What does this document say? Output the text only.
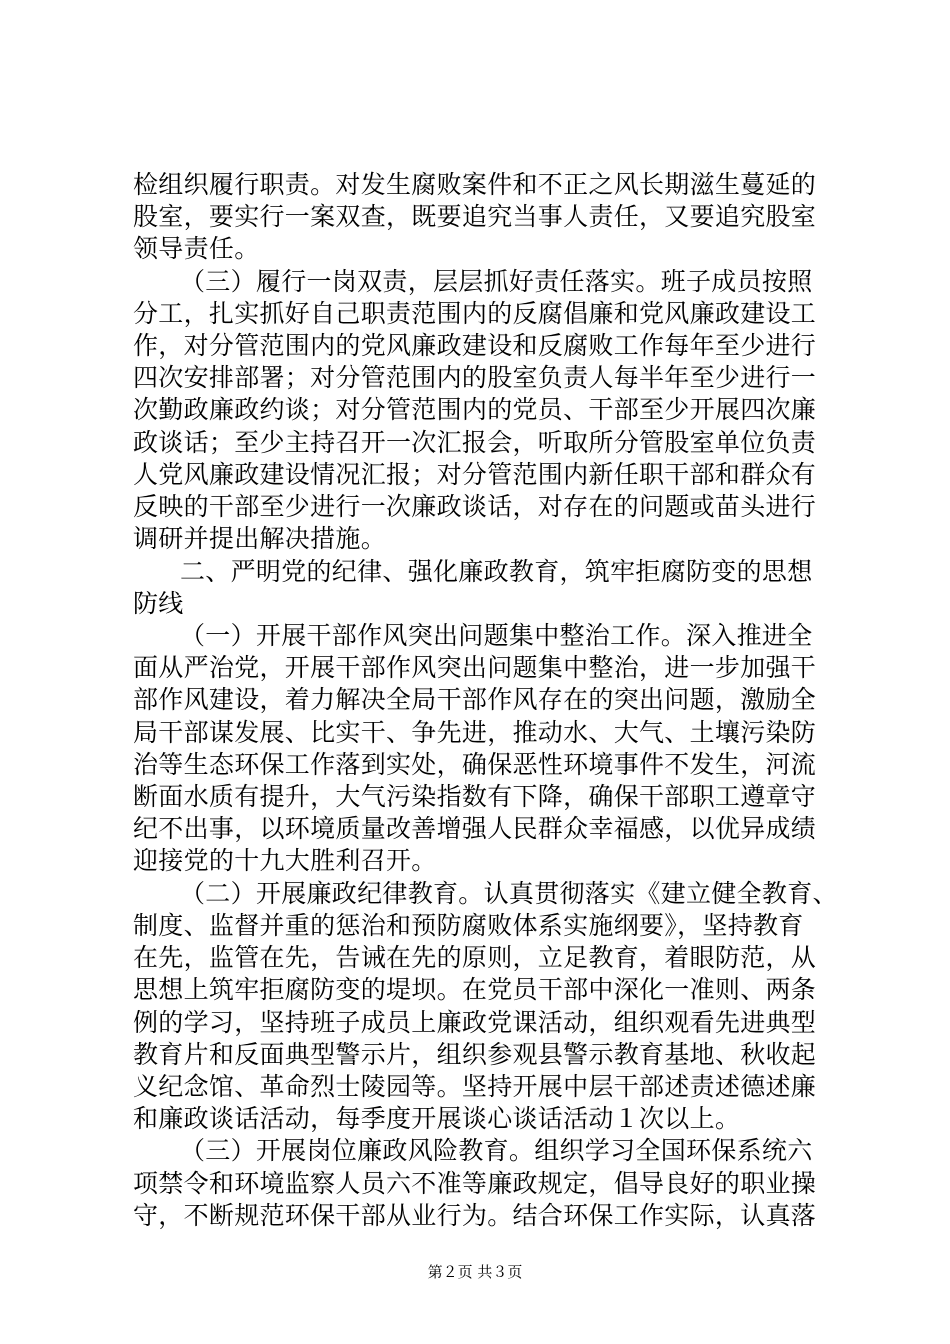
检组织履行职责。对发生腐败案件和不正之风长期滋生蔓延的
股室，要实行一案双查，既要追究当事人责任，又要追究股室
领导责任。
（三）履行一岗双责，层层抓好责任落实。班子成员按照
分工，扎实抓好自己职责范围内的反腐倡廉和党风廉政建设工
作，对分管范围内的党风廉政建设和反腐败工作每年至少进行
四次安排部署；对分管范围内的股室负责人每半年至少进行一
次勤政廉政约谈；对分管范围内的党员、干部至少开展四次廉
政谈话；至少主持召开一次汇报会，听取所分管股室单位负责
人党风廉政建设情况汇报；对分管范围内新任职干部和群众有
反映的干部至少进行一次廉政谈话，对存在的问题或苗头进行
调研并提出解决措施。
二、严明党的纪律、强化廉政教育，筑牢拒腐防变的思想
防线
（一）开展干部作风突出问题集中整治工作。深入推进全
面从严治党，开展干部作风突出问题集中整治，进一步加强干
部作风建设，着力解决全局干部作风存在的突出问题，激励全
局干部谋发展、比实干、争先进，推动水、大气、土壤污染防
治等生态环保工作落到实处，确保恶性环境事件不发生，河流
断面水质有提升，大气污染指数有下降，确保干部职工遵章守
纪不出事，以环境质量改善增强人民群众幸福感，以优异成绩
迎接党的十九大胜利召开。
（二）开展廉政纪律教育。认真贯彻落实《建立健全教育、
制度、监督并重的惩治和预防腐败体系实施纲要》，坚持教育
在先，监管在先，告诫在先的原则，立足教育，着眼防范，从
思想上筑牢拒腐防变的堤坝。在党员干部中深化一准则、两条
例的学习，坚持班子成员上廉政党课活动，组织观看先进典型
教育片和反面典型警示片，组织参观县警示教育基地、秋收起
义纪念馆、革命烈士陵园等。坚持开展中层干部述责述德述廉
和廉政谈话活动，每季度开展谈心谈话活动１次以上。
（三）开展岗位廉政风险教育。组织学习全国环保系统六
项禁令和环境监察人员六不准等廉政规定，倡导良好的职业操
守，不断规范环保干部从业行为。结合环保工作实际，认真落
第２页 共３页
